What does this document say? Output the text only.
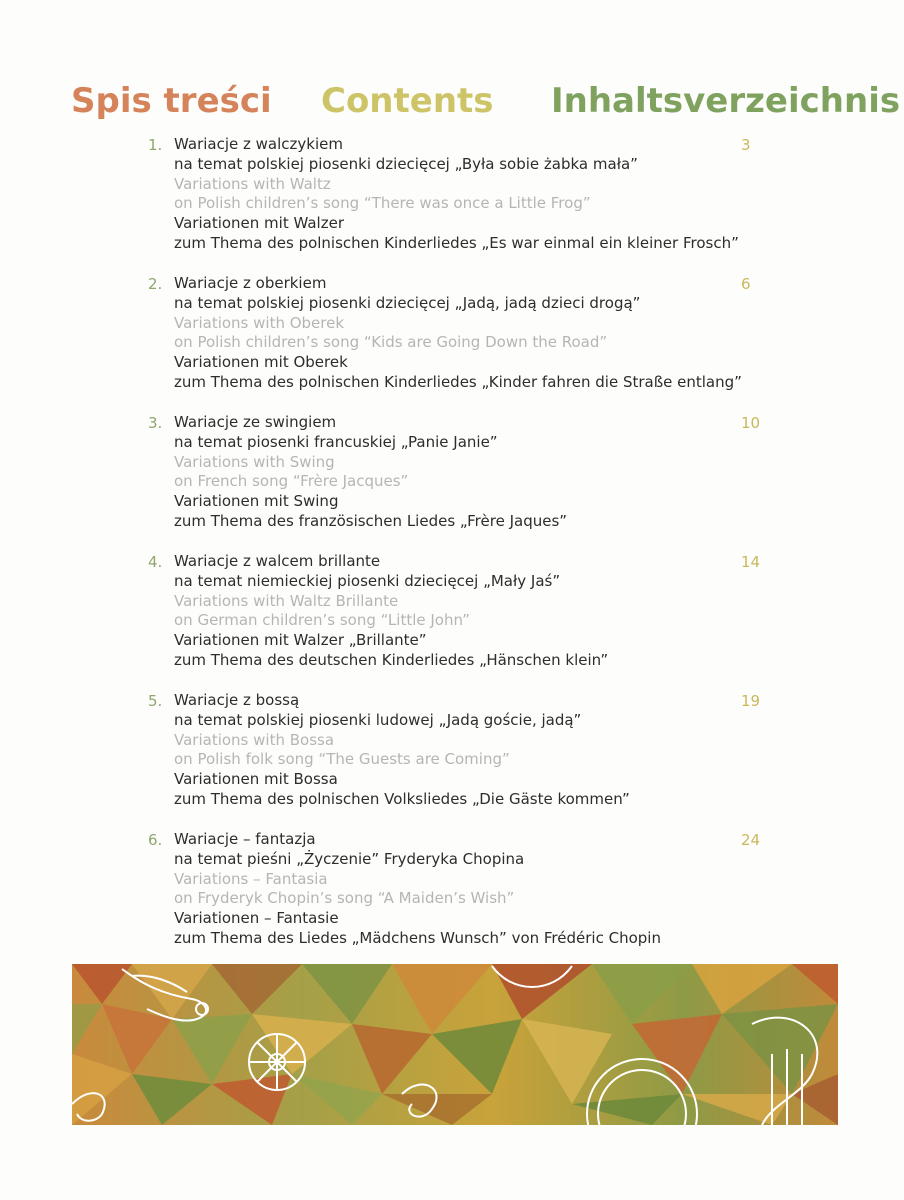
Spis treści Contents Inhaltsverzeichnis
1. Wariacje z walczykiem
na temat polskiej piosenki dziecięcej „Była sobie żabka mała”
Variations with Waltz
on Polish children’s song “There was once a Little Frog”
Variationen mit Walzer
zum Thema des polnischen Kinderliedes „Es war einmal ein kleiner Frosch”
3
2. Wariacje z oberkiem
na temat polskiej piosenki dziecięcej „Jadą, jadą dzieci drogą”
Variations with Oberek
on Polish children’s song “Kids are Going Down the Road”
Variationen mit Oberek
zum Thema des polnischen Kinderliedes „Kinder fahren die Straße entlang”
6
3. Wariacje ze swingiem
na temat piosenki francuskiej „Panie Janie”
Variations with Swing
on French song “Frère Jacques”
Variationen mit Swing
zum Thema des französischen Liedes „Frère Jaques”
10
4. Wariacje z walcem brillante
na temat niemieckiej piosenki dziecięcej „Mały Jaś”
Variations with Waltz Brillante
on German children’s song “Little John”
Variationen mit Walzer „Brillante”
zum Thema des deutschen Kinderliedes „Hänschen klein”
14
5. Wariacje z bossą
na temat polskiej piosenki ludowej „Jadą goście, jadą”
Variations with Bossa
on Polish folk song “The Guests are Coming”
Variationen mit Bossa
zum Thema des polnischen Volksliedes „Die Gäste kommen”
19
6. Wariacje – fantazja
na temat pieśni „Życzenie” Fryderyka Chopina
Variations – Fantasia
on Fryderyk Chopin’s song “A Maiden’s Wish”
Variationen – Fantasie
zum Thema des Liedes „Mädchens Wunsch” von Frédéric Chopin
24
